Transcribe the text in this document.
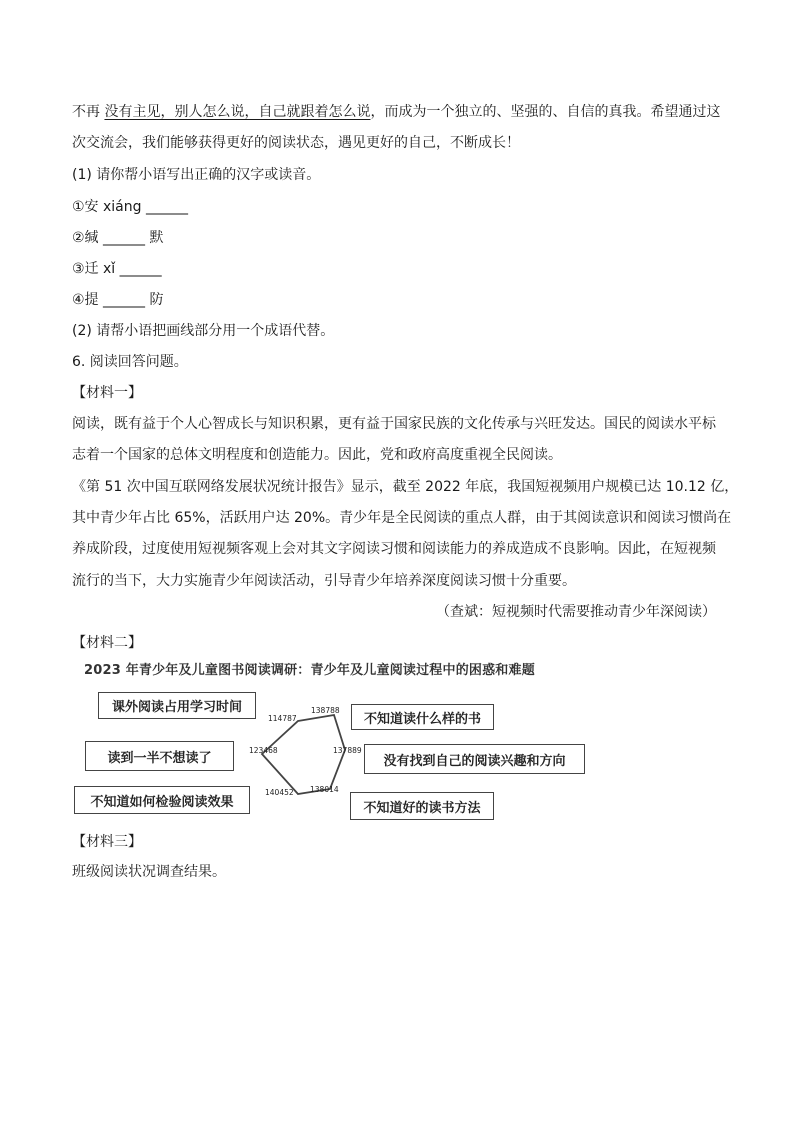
不再 没有主见，别人怎么说，自己就跟着怎么说，而成为一个独立的、坚强的、自信的真我。希望通过这
次交流会，我们能够获得更好的阅读状态，遇见更好的自己，不断成长！
(1) 请你帮小语写出正确的汉字或读音。
①安 xiáng ______
②缄 ______ 默
③迁 xǐ ______
④提 ______ 防
(2) 请帮小语把画线部分用一个成语代替。
6. 阅读回答问题。
【材料一】
阅读，既有益于个人心智成长与知识积累，更有益于国家民族的文化传承与兴旺发达。国民的阅读水平标
志着一个国家的总体文明程度和创造能力。因此，党和政府高度重视全民阅读。
《第 51 次中国互联网络发展状况统计报告》显示，截至 2022 年底，我国短视频用户规模已达 10.12 亿，
其中青少年占比 65%，活跃用户达 20%。青少年是全民阅读的重点人群，由于其阅读意识和阅读习惯尚在
养成阶段，过度使用短视频客观上会对其文字阅读习惯和阅读能力的养成造成不良影响。因此，在短视频
流行的当下，大力实施青少年阅读活动，引导青少年培养深度阅读习惯十分重要。
（查斌：短视频时代需要推动青少年深阅读）
【材料二】
2023 年青少年及儿童图书阅读调研：青少年及儿童阅读过程中的困惑和难题
课外阅读占用学习时间
读到一半不想读了
不知道如何检验阅读效果
不知道读什么样的书
没有找到自己的阅读兴趣和方向
不知道好的读书方法
114787
138788
123468	137889
140452 138014
【材料三】
班级阅读状况调查结果。
